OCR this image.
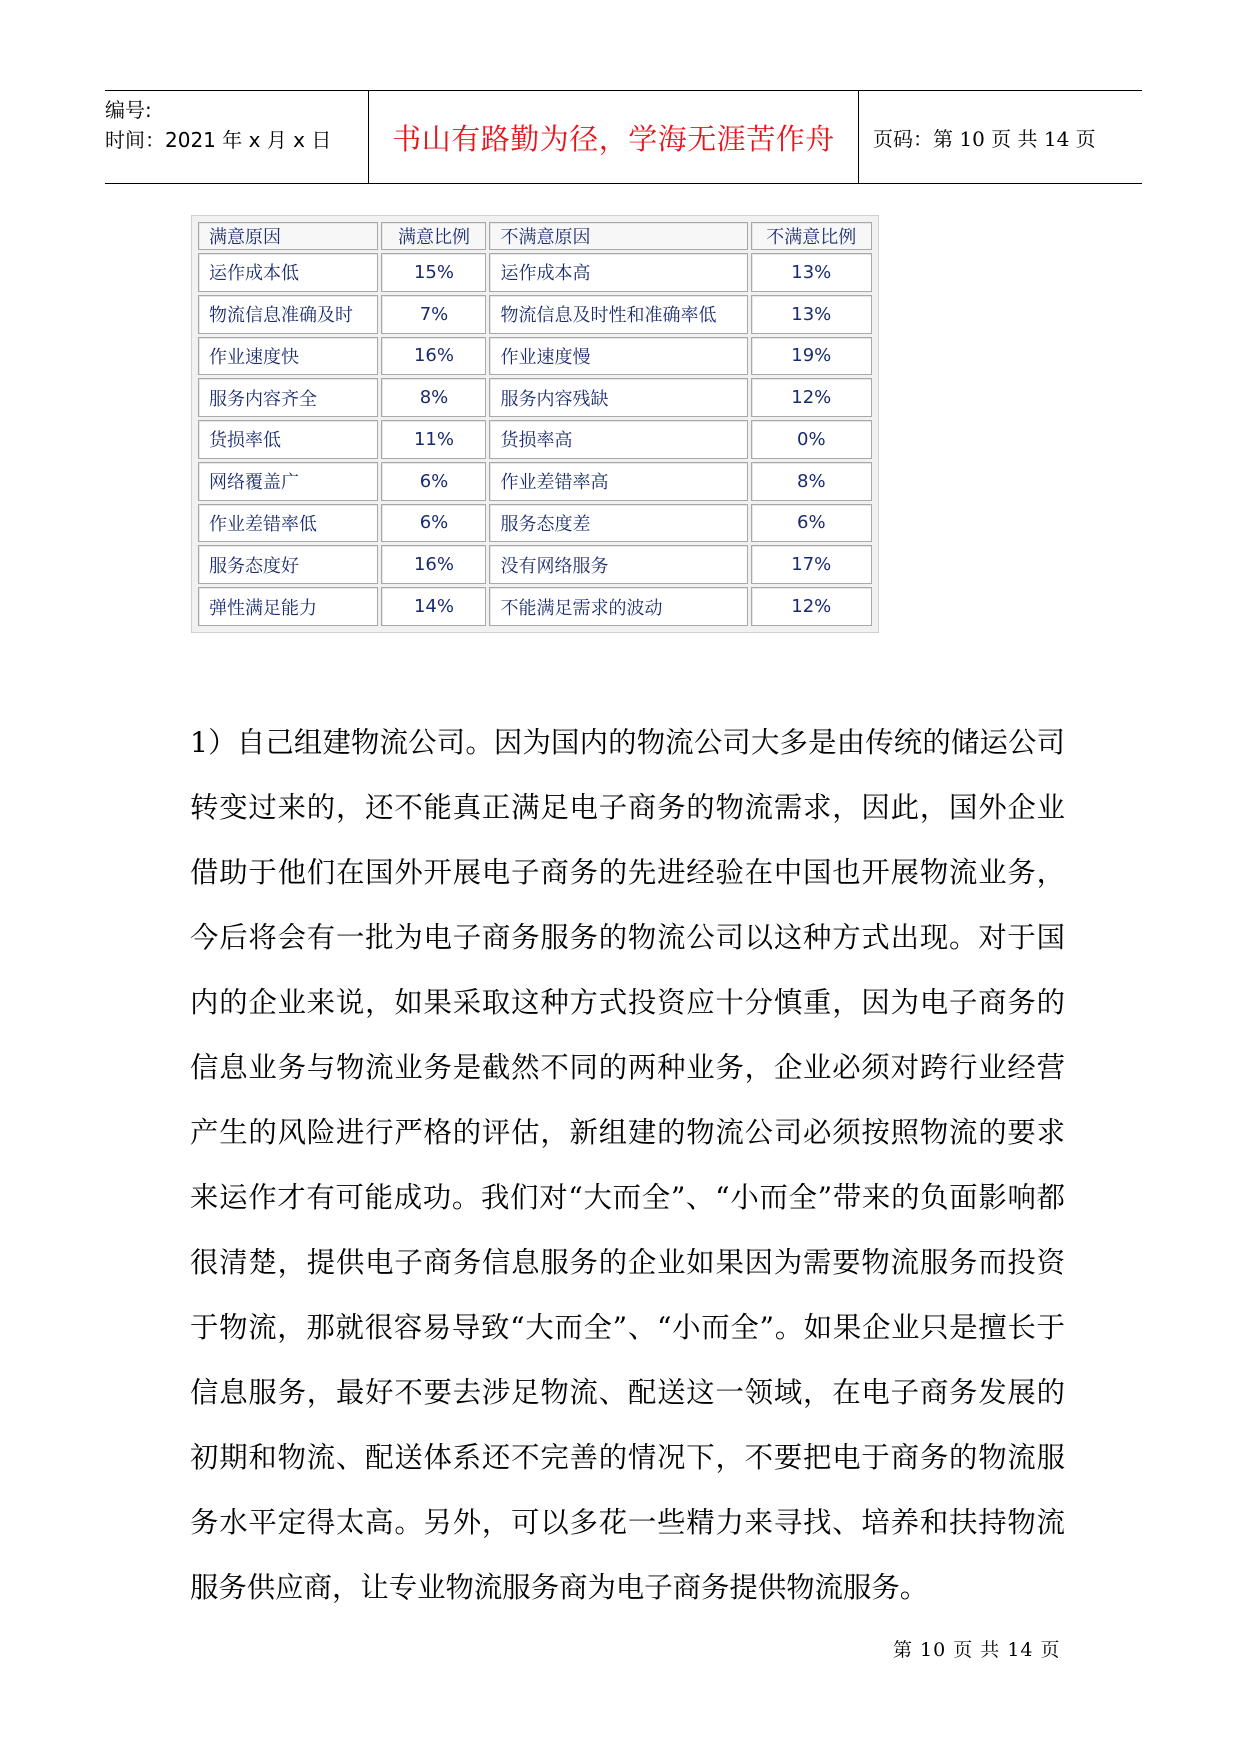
编号:
时间：2021 年 x 月 x 日	书山有路勤为径，学海无涯苦作舟	页码：第 10 页 共 14 页
满意原因	满意比例	不满意原因	不满意比例
运作成本低	15%	运作成本高	13%
物流信息准确及时	7%	物流信息及时性和准确率低	13%
作业速度快	16%	作业速度慢	19%
服务内容齐全	8%	服务内容残缺	12%
货损率低	11%	货损率高	0%
网络覆盖广	6%	作业差错率高	8%
作业差错率低	6%	服务态度差	6%
服务态度好	16%	没有网络服务	17%
弹性满足能力	14%	不能满足需求的波动	12%

1）自己组建物流公司。因为国内的物流公司大多是由传统的储运公司转变过来的，还不能真正满足电子商务的物流需求，因此，国外企业借助于他们在国外开展电子商务的先进经验在中国也开展物流业务，今后将会有一批为电子商务服务的物流公司以这种方式出现。对于国内的企业来说，如果采取这种方式投资应十分慎重，因为电子商务的信息业务与物流业务是截然不同的两种业务，企业必须对跨行业经营产生的风险进行严格的评估，新组建的物流公司必须按照物流的要求来运作才有可能成功。我们对“大而全”、“小而全”带来的负面影响都很清楚，提供电子商务信息服务的企业如果因为需要物流服务而投资于物流，那就很容易导致“大而全”、“小而全”。如果企业只是擅长于信息服务，最好不要去涉足物流、配送这一领域，在电子商务发展的初期和物流、配送体系还不完善的情况下，不要把电于商务的物流服务水平定得太高。另外，可以多花一些精力来寻找、培养和扶持物流服务供应商，让专业物流服务商为电子商务提供物流服务。

第 10 页 共 14 页
